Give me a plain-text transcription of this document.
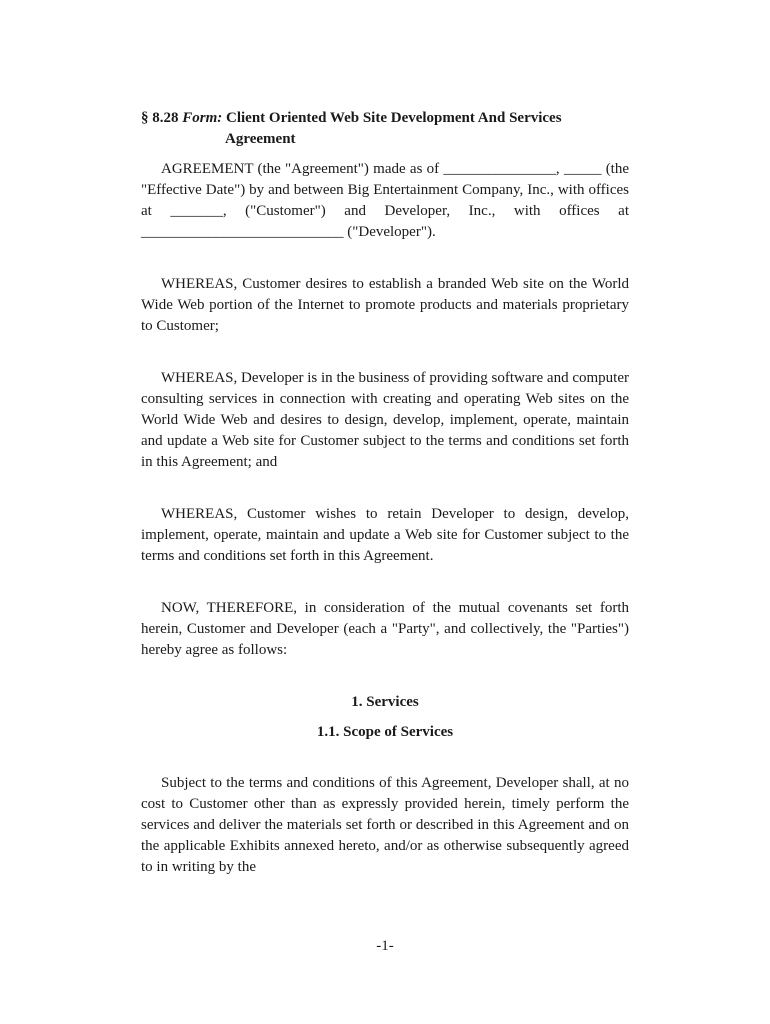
§ 8.28 Form: Client Oriented Web Site Development And Services Agreement

AGREEMENT (the "Agreement") made as of _______________, _____ (the "Effective Date") by and between Big Entertainment Company, Inc., with offices at _______, ("Customer") and Developer, Inc., with offices at ___________________________ ("Developer").

WHEREAS, Customer desires to establish a branded Web site on the World Wide Web portion of the Internet to promote products and materials proprietary to Customer;

WHEREAS, Developer is in the business of providing software and computer consulting services in connection with creating and operating Web sites on the World Wide Web and desires to design, develop, implement, operate, maintain and update a Web site for Customer subject to the terms and conditions set forth in this Agreement; and

WHEREAS, Customer wishes to retain Developer to design, develop, implement, operate, maintain and update a Web site for Customer subject to the terms and conditions set forth in this Agreement.

NOW, THEREFORE, in consideration of the mutual covenants set forth herein, Customer and Developer (each a "Party", and collectively, the "Parties") hereby agree as follows:

1. Services

1.1. Scope of Services

Subject to the terms and conditions of this Agreement, Developer shall, at no cost to Customer other than as expressly provided herein, timely perform the services and deliver the materials set forth or described in this Agreement and on the applicable Exhibits annexed hereto, and/or as otherwise subsequently agreed to in writing by the

-1-
